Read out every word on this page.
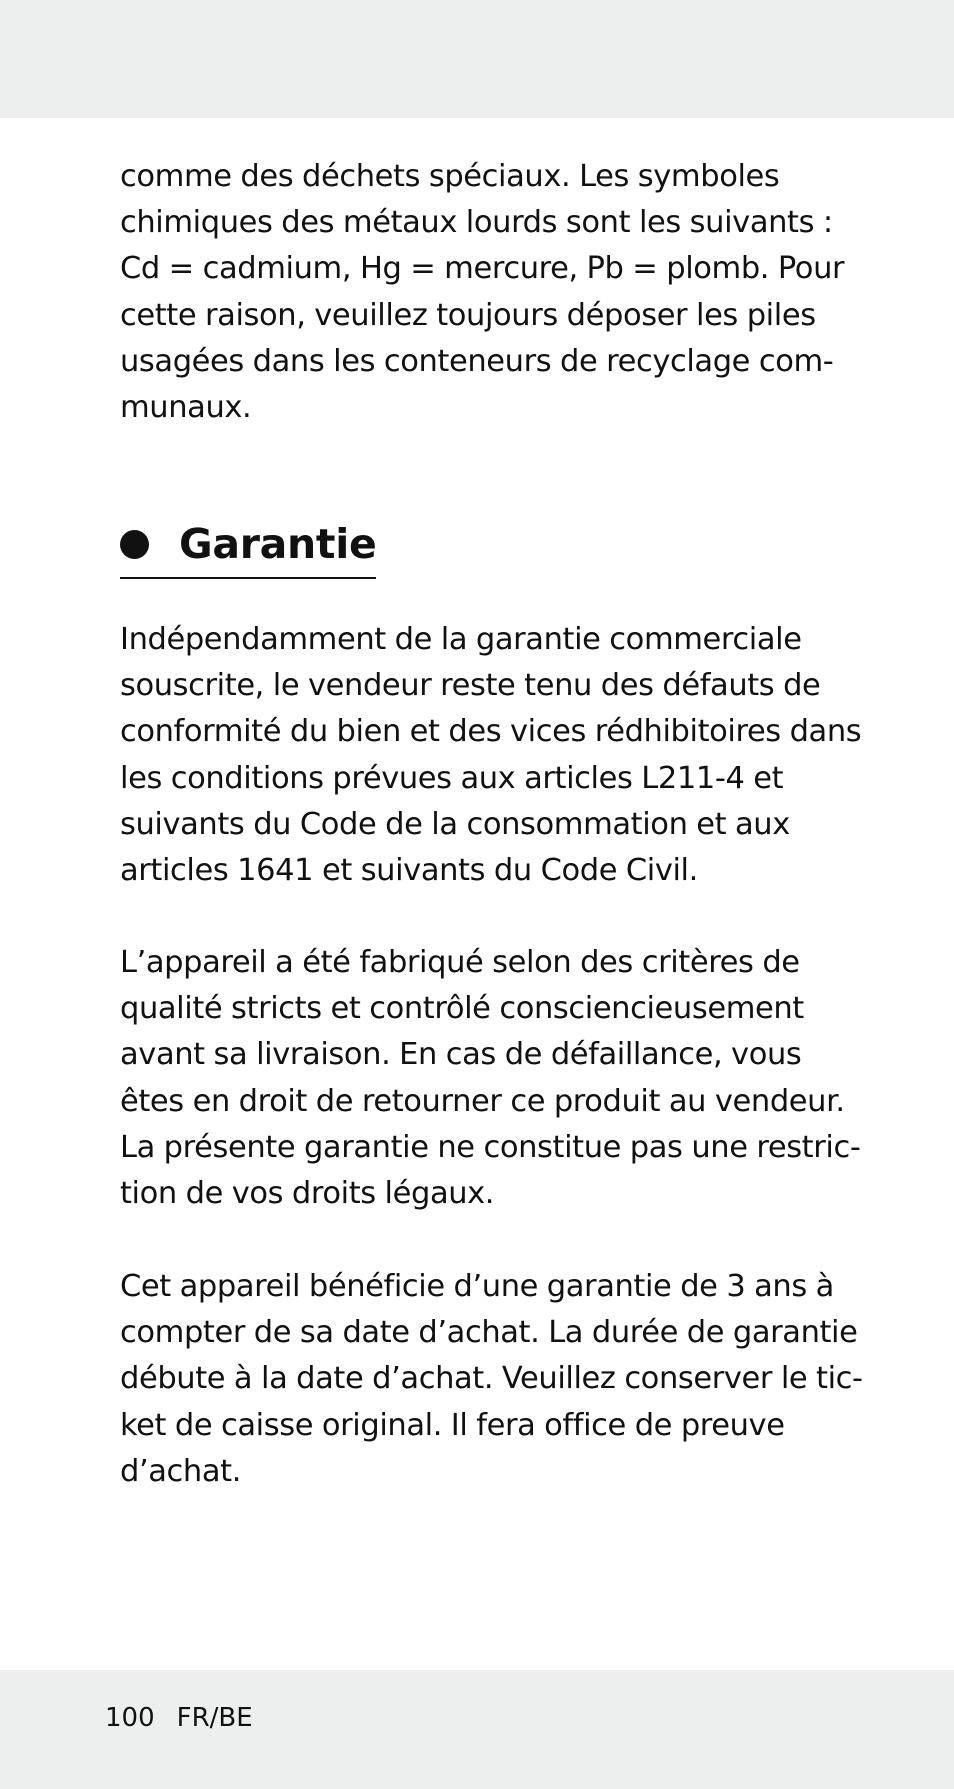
comme des déchets spéciaux. Les symboles
chimiques des métaux lourds sont les suivants :
Cd = cadmium, Hg = mercure, Pb = plomb. Pour
cette raison, veuillez toujours déposer les piles
usagées dans les conteneurs de recyclage com-
munaux.

Garantie

Indépendamment de la garantie commerciale
souscrite, le vendeur reste tenu des défauts de
conformité du bien et des vices rédhibitoires dans
les conditions prévues aux articles L211-4 et
suivants du Code de la consommation et aux
articles 1641 et suivants du Code Civil.

L’appareil a été fabriqué selon des critères de
qualité stricts et contrôlé consciencieusement
avant sa livraison. En cas de défaillance, vous
êtes en droit de retourner ce produit au vendeur.
La présente garantie ne constitue pas une restric-
tion de vos droits légaux.

Cet appareil bénéficie d’une garantie de 3 ans à
compter de sa date d’achat. La durée de garantie
débute à la date d’achat. Veuillez conserver le tic-
ket de caisse original. Il fera office de preuve
d’achat.

100 FR/BE
